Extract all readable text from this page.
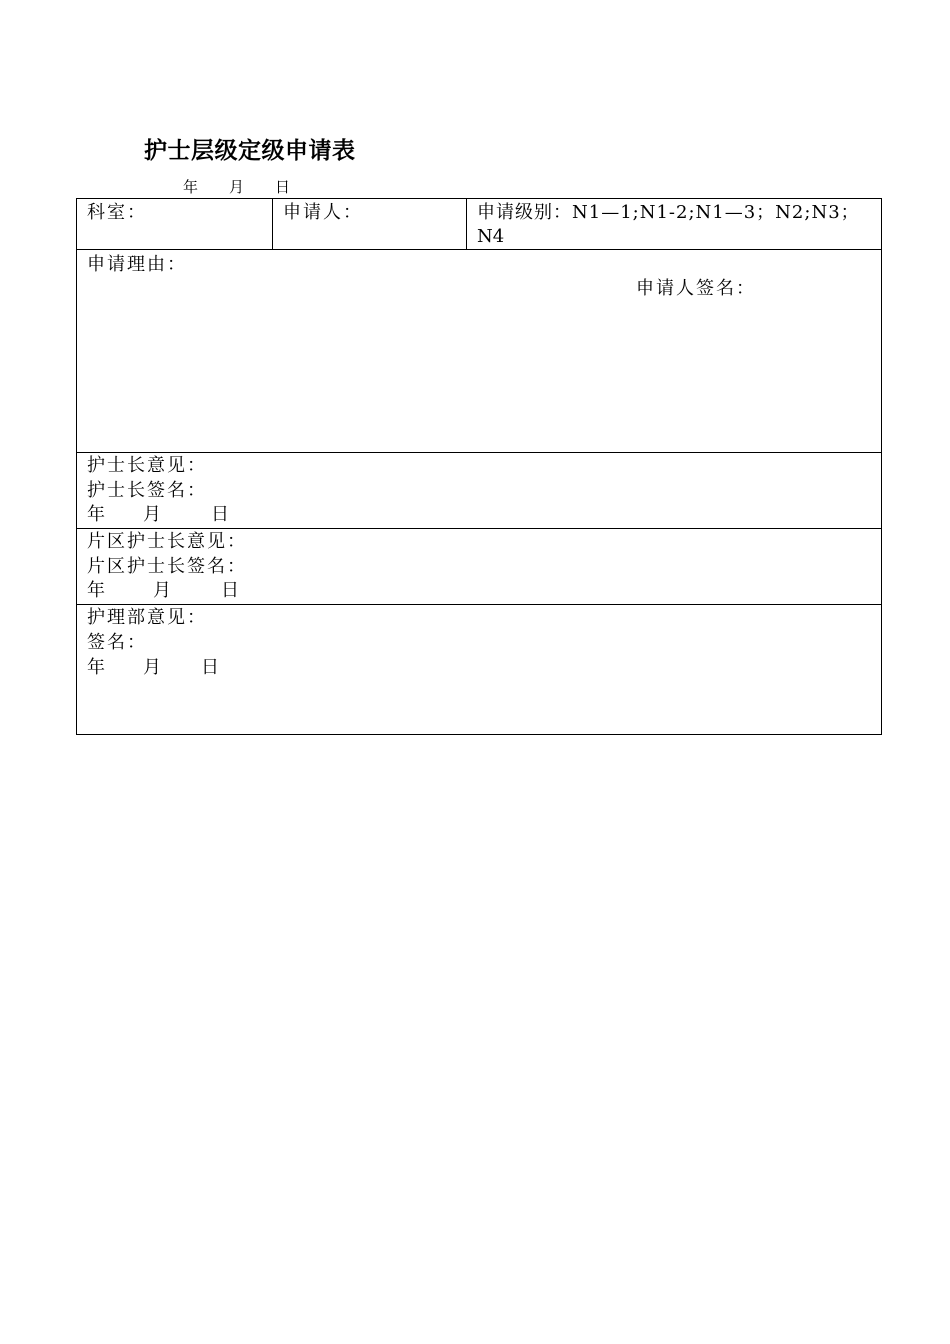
护士层级定级申请表
年 月 日
科室：	申请人：	申请级别：N1—1;N1-2;N1—3；N2;N3；
N4
申请理由：
申请人签名：
护士长意见：
护士长签名：
年 月	日
片区护士长意见：
片区护士长签名：
年	月	日
护理部意见：
签名：
年 月 日
